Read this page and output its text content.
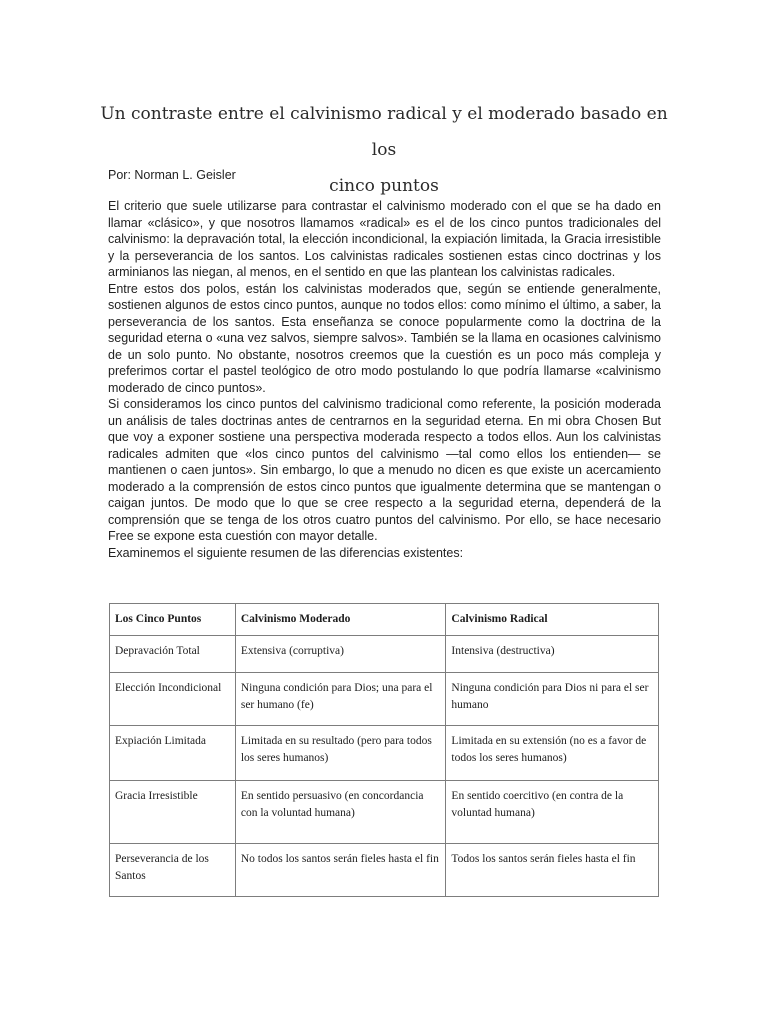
Un contraste entre el calvinismo radical y el moderado basado en los
cinco puntos
Por: Norman L. Geisler

El criterio que suele utilizarse para contrastar el calvinismo moderado con el que se ha dado en llamar «clásico», y que nosotros llamamos «radical» es el de los cinco puntos tradicionales del calvinismo: la depravación total, la elección incondicional, la expiación limitada, la Gracia irresistible y la perseverancia de los santos. Los calvinistas radicales sostienen estas cinco doctrinas y los arminianos las niegan, al menos, en el sentido en que las plantean los calvinistas radicales.

Entre estos dos polos, están los calvinistas moderados que, según se entiende generalmente, sostienen algunos de estos cinco puntos, aunque no todos ellos: como mínimo el último, a saber, la perseverancia de los santos. Esta enseñanza se conoce popularmente como la doctrina de la seguridad eterna o «una vez salvos, siempre salvos». También se la llama en ocasiones calvinismo de un solo punto. No obstante, nosotros creemos que la cuestión es un poco más compleja y preferimos cortar el pastel teológico de otro modo postulando lo que podría llamarse «calvinismo moderado de cinco puntos».

Si consideramos los cinco puntos del calvinismo tradicional como referente, la posición moderada un análisis de tales doctrinas antes de centrarnos en la seguridad eterna. En mi obra Chosen But que voy a exponer sostiene una perspectiva moderada respecto a todos ellos. Aun los calvinistas radicales admiten que «los cinco puntos del calvinismo —tal como ellos los entienden— se mantienen o caen juntos». Sin embargo, lo que a menudo no dicen es que existe un acercamiento moderado a la comprensión de estos cinco puntos que igualmente determina que se mantengan o caigan juntos. De modo que lo que se cree respecto a la seguridad eterna, dependerá de la comprensión que se tenga de los otros cuatro puntos del calvinismo. Por ello, se hace necesario Free se expone esta cuestión con mayor detalle.

Examinemos el siguiente resumen de las diferencias existentes:

Los Cinco Puntos	Calvinismo Moderado	Calvinismo Radical
Depravación Total	Extensiva (corruptiva)	Intensiva (destructiva)
Elección Incondicional	Ninguna condición para Dios; una para el ser humano (fe)	Ninguna condición para Dios ni para el ser humano
Expiación Limitada	Limitada en su resultado (pero para todos los seres humanos)	Limitada en su extensión (no es a favor de todos los seres humanos)
Gracia Irresistible	En sentido persuasivo (en concordancia con la voluntad humana)	En sentido coercitivo (en contra de la voluntad humana)
Perseverancia de los Santos	No todos los santos serán fieles hasta el fin	Todos los santos serán fieles hasta el fin
